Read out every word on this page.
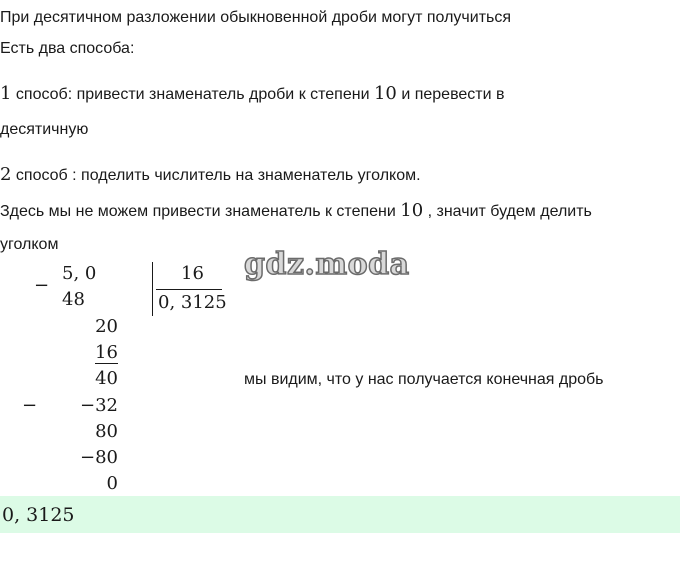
При десятичном разложении обыкновенной дроби могут получиться
Есть два способа:
1 способ: привести знаменатель дроби к степени 10 и перевести в
десятичную
2 способ : поделить числитель на знаменатель уголком.
Здесь мы не можем привести знаменатель к степени 10 , значит будем делить
уголком
−
5, 0
48
16
0, 3125
20
16
40
−	−32
80
−80
0
gdz.moda
мы видим, что у нас получается конечная дробь
0, 3125
